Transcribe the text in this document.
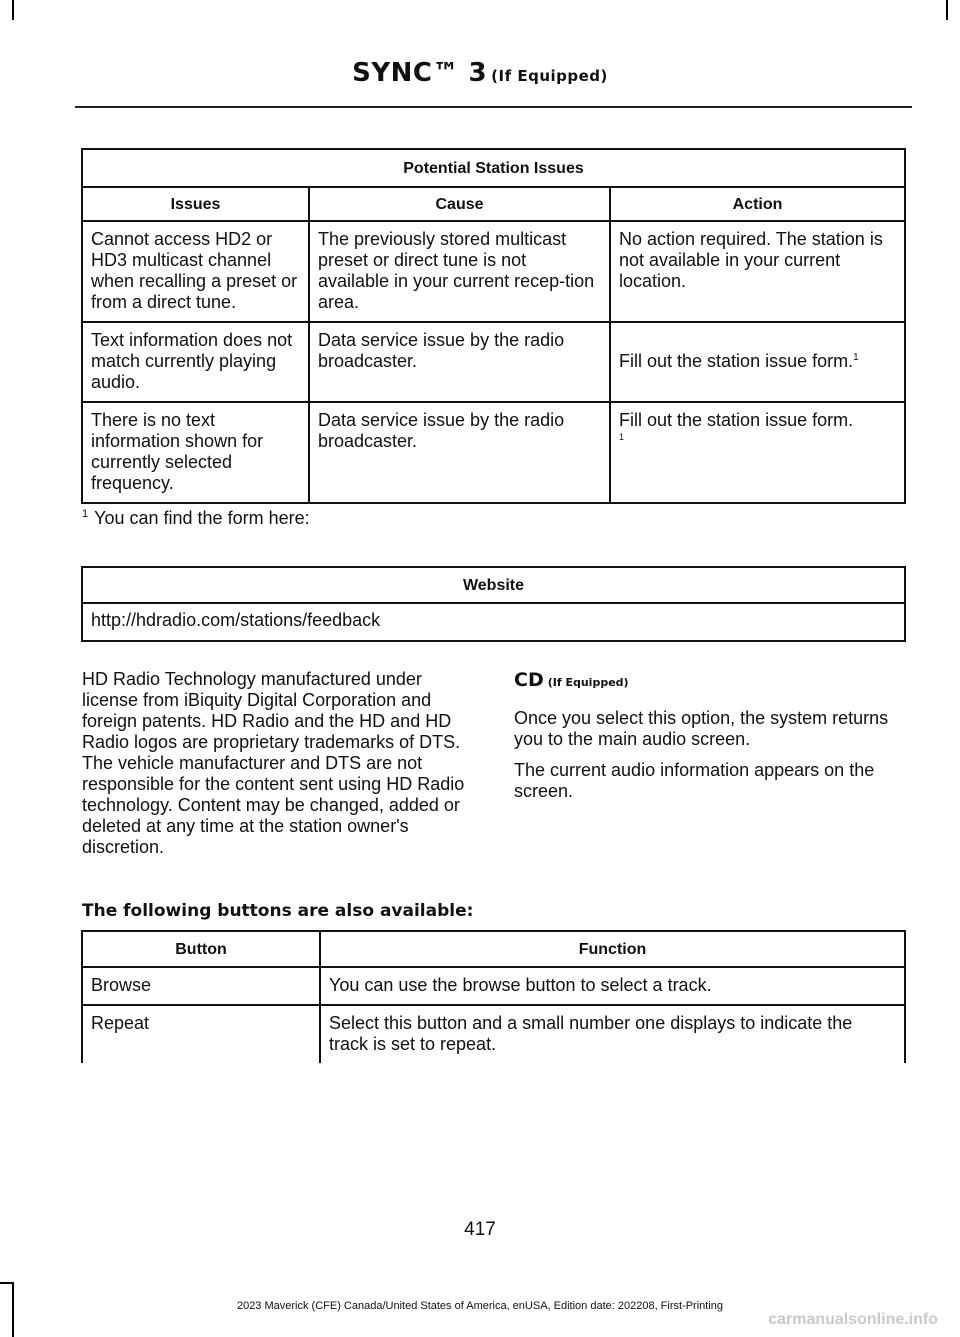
SYNC™ 3 (If Equipped)
Potential Station Issues		
Issues	Cause	Action
Cannot access HD2 or HD3 multicast channel when recalling a preset or from a direct tune.	The previously stored multicast preset or direct tune is not available in your current recep-tion area.	No action required. The station is not available in your current location.
Text information does not match currently playing audio.	Data service issue by the radio broadcaster.	Fill out the station issue form.$^1$
There is no text information shown for currently selected frequency.	Data service issue by the radio broadcaster.	Fill out the station issue form.
1
$^1$ You can find the form here:
Website
http://hdradio.com/stations/feedback

HD Radio Technology manufactured under license from iBiquity Digital Corporation and foreign patents. HD Radio and the HD and HD Radio logos are proprietary trademarks of DTS. The vehicle manufacturer and DTS are not responsible for the content sent using HD Radio technology. Content may be changed, added or deleted at any time at the station owner's discretion.

CD (If Equipped)

Once you select this option, the system returns you to the main audio screen.

The current audio information appears on the screen.

The following buttons are also available:
Button	Function
Browse	You can use the browse button to select a track.
Repeat	Select this button and a small number one displays to indicate the track is set to repeat.
417
2023 Maverick (CFE) Canada/United States of America, enUSA, Edition date: 202208, First-Printing
carmanualsonline.info
